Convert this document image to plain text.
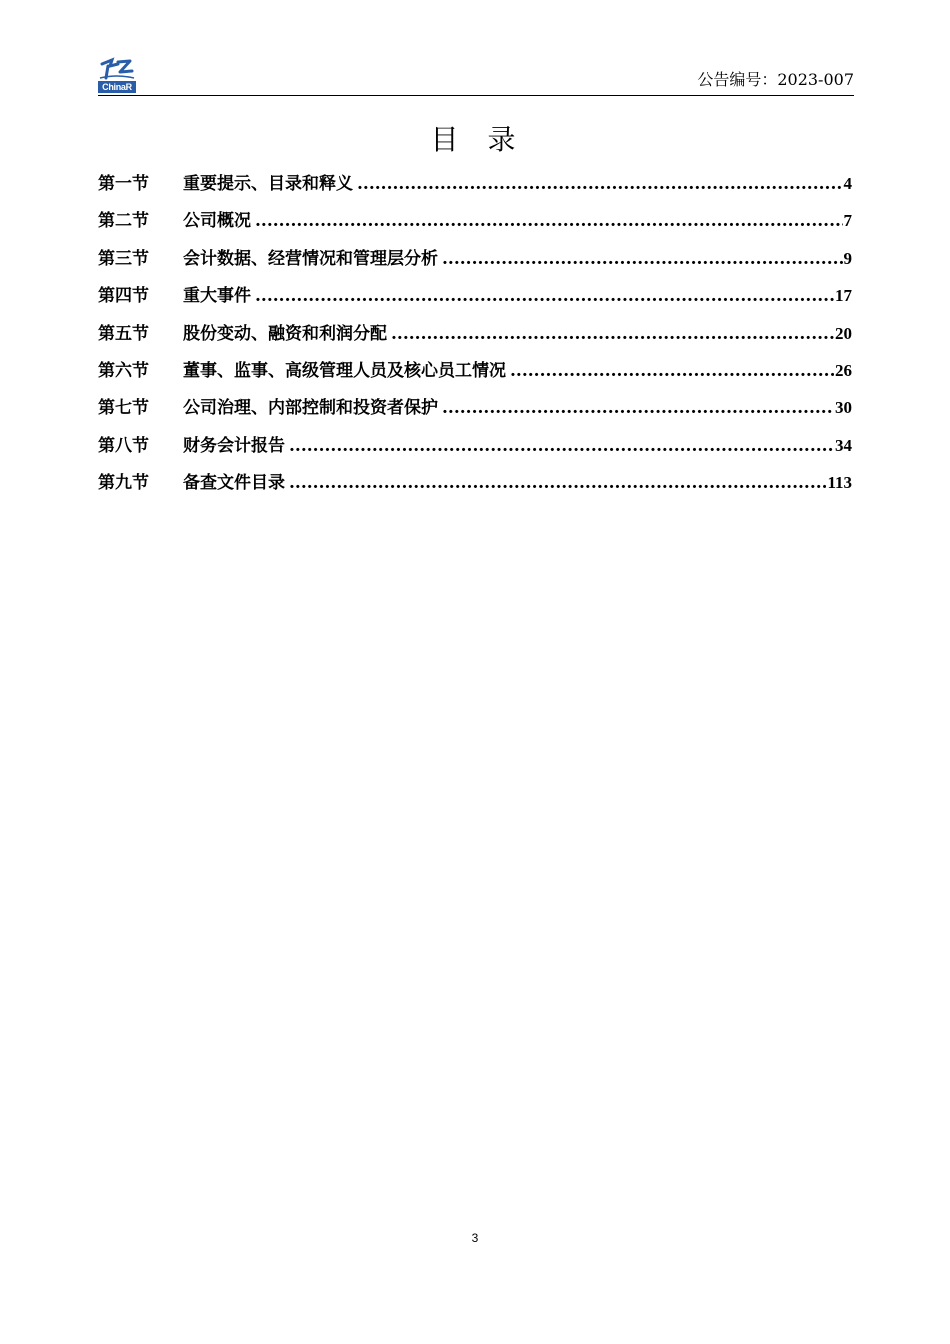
ChinaR	公告编号：2023-007
目 录
第一节	重要提示、目录和释义 .....	4
第二节	公司概况 .....	7
第三节	会计数据、经营情况和管理层分析 .....	9
第四节	重大事件 .....	17
第五节	股份变动、融资和利润分配 .....	20
第六节	董事、监事、高级管理人员及核心员工情况 .....	26
第七节	公司治理、内部控制和投资者保护 .....	30
第八节	财务会计报告 .....	34
第九节	备查文件目录 .....	113
3
